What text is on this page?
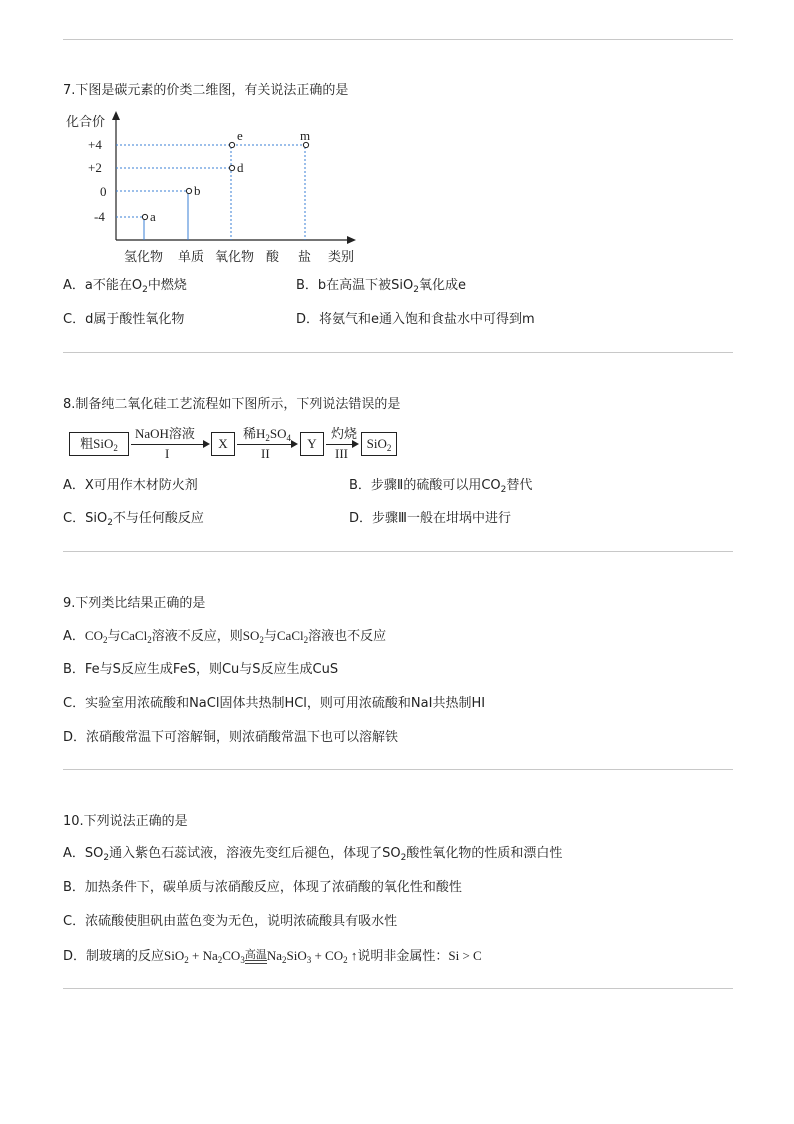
7.下图是碳元素的价类二维图，有关说法正确的是
化合价
+4
+2
0
-4	a
b
d
e	m
氢化物 单质 氧化物 酸 盐 类别
A．a不能在$O_2$中燃烧	B．b在高温下被SiO$_2$氧化成e
C．d属于酸性氧化物	D．将氨气和e通入饱和食盐水中可得到m
8.制备纯二氧化硅工艺流程如下图所示，下列说法错误的是
粗SiO$_2$
NaOH溶液
I
X
稀$H_2SO_4$
II
Y
灼烧
III
SiO$_2$
A．X可用作木材防火剂	B．步骤Ⅱ的硫酸可以用$CO_2$替代
C．SiO$_2$不与任何酸反应	D．步骤Ⅲ一般在坩埚中进行
9.下列类比结果正确的是
A．$CO_2$与CaCl$_2$溶液不反应，则$SO_2$与CaCl$_2$溶液也不反应
B．Fe与S反应生成FeS，则Cu与S反应生成CuS
C．实验室用浓硫酸和NaCl固体共热制HCl，则可用浓硫酸和NaI共热制HI
D．浓硝酸常温下可溶解铜，则浓硝酸常温下也可以溶解铁
10.下列说法正确的是
A．$SO_2$通入紫色石蕊试液，溶液先变红后褪色，体现了$SO_2$酸性氧化物的性质和漂白性
B．加热条件下，碳单质与浓硝酸反应，体现了浓硝酸的氧化性和酸性
C．浓硫酸使胆矾由蓝色变为无色，说明浓硫酸具有吸水性
D．制玻璃的反应$SiO_2 + Na_2CO_3$高温$Na_2SiO_3 + CO_2$ ↑说明非金属性：Si > C
